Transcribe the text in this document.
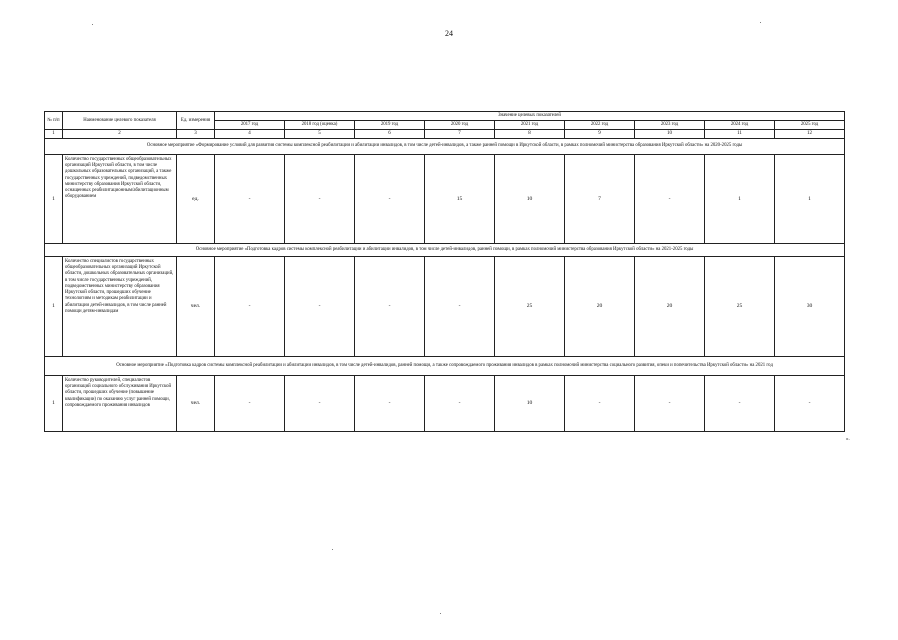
24
№ п/п	Наименование целевого показателя	Ед. измерения	Значение целевых показателей								
			2017 год	2018 год (оценка)	2019 год	2020 год	2021 год	2022 год	2023 год	2024 год	2025 год
1	2	3	4	5	6	7	8	9	10	11	12
Основное мероприятие «Формирование условий для развития системы комплексной реабилитации и абилитации инвалидов, в том числе детей-инвалидов, а также ранней помощи в Иркутской области, в рамках полномочий министерства образования Иркутской области» на 2020-2025 годы											
1	Количество государственных общеобразовательных организаций Иркутской области, в том числе дошкольных образовательных организаций, а также государственных учреждений, подведомственных министерству образования Иркутской области, оснащенных реабилитационным/абилитационным оборудованием	ед.	-	-	-	15	10	7	-	1	1
Основное мероприятие «Подготовка кадров системы комплексной реабилитации и абилитации инвалидов, в том числе детей-инвалидов, ранней помощи, в рамках полномочий министерства образования Иркутской области» на 2021-2025 годы											
1	Количество специалистов государственных общеобразовательных организаций Иркутской области, дошкольных образовательных организаций, в том числе государственных учреждений, подведомственных министерству образования Иркутской области, прошедших обучение технологиям и методикам реабилитации и абилитации детей-инвалидов, в том числе ранней помощи детям-инвалидам	чел.	-	-	-	-	25	20	20	25	30
Основное мероприятие «Подготовка кадров системы комплексной реабилитации и абилитации инвалидов, в том числе детей-инвалидов, ранней помощи, а также сопровождаемого проживания инвалидов в рамках полномочий министерства социального развития, опеки и попечительства Иркутской области» на 2021 год											
1	Количество руководителей, специалистов организаций социального обслуживания Иркутской области, прошедших обучение (повышение квалификации) по оказанию услуг ранней помощи, сопровождаемого проживания инвалидов	чел.	-	-	-	-	10	-	-	-	-
».
